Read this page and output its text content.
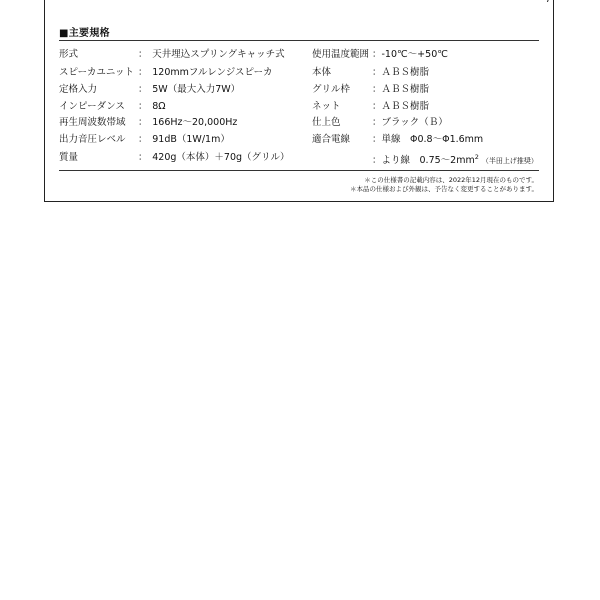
■主要規格
形式	：　天井埋込スプリングキャッチ式
スピーカユニット ：　120mmフルレンジスピーカ
定格入力	：　5W（最大入力7W）
インピーダンス ：　8Ω
再生周波数帯域 ：　166Hz～20,000Hz
出力音圧レベル ：　91dB（1W/1m）
質量	：　420g（本体）＋70g（グリル）
使用温度範囲 ：-10℃～+50℃
本体	：ＡＢＳ樹脂
グリル枠 ：ＡＢＳ樹脂
ネット	：ＡＢＳ樹脂
仕上色	：ブラック（Ｂ）
適合電線 ：単線　Φ0.8～Φ1.6mm
：より線　$0.75\sim 2mm^2$ （半田上げ推奨）
＊この仕様書の記載内容は、2022年12月現在のものです。
＊本品の仕様および外観は、予告なく変更することがあります。
